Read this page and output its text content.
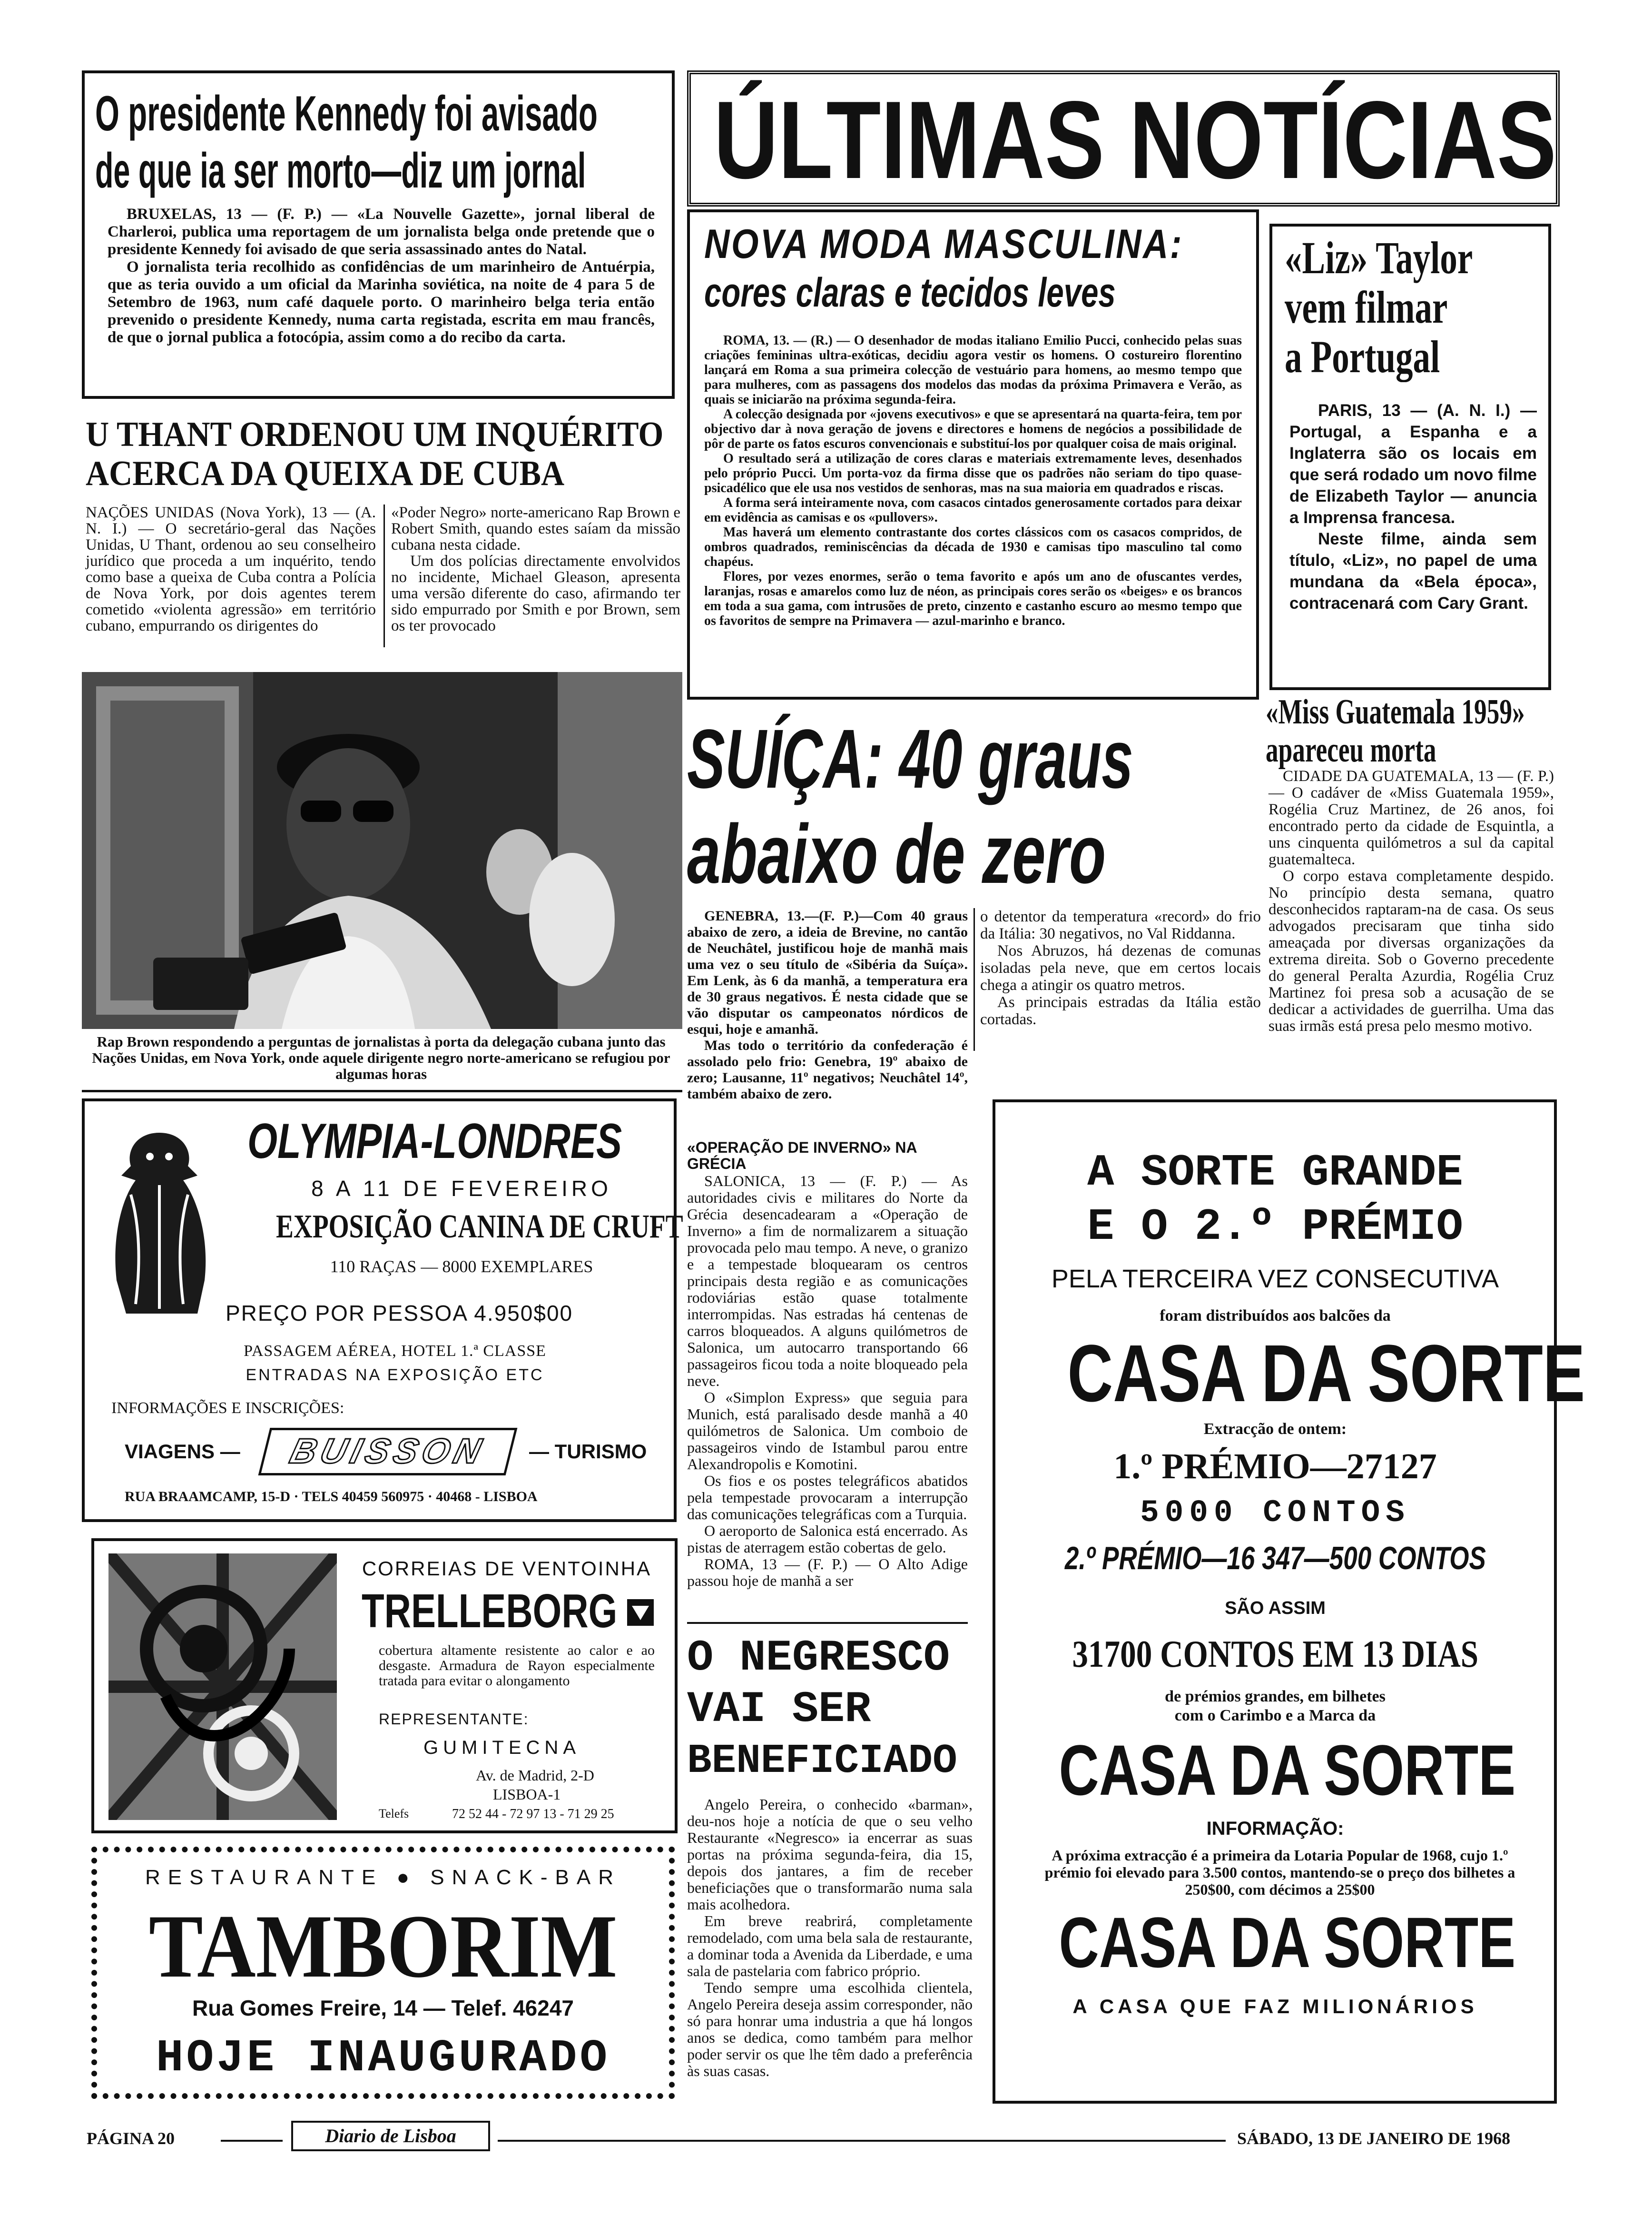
O presidente Kennedy foi avisado
de que ia ser morto—diz um jornal

BRUXELAS, 13 — (F. P.) — «La Nouvelle Gazette», jornal liberal de Charleroi, publica uma reportagem de um jornalista belga onde pretende que o presidente Kennedy foi avisado de que seria assassinado antes do Natal.

O jornalista teria recolhido as confidências de um marinheiro de Antuérpia, que as teria ouvido a um oficial da Marinha soviética, na noite de 4 para 5 de Setembro de 1963, num café daquele porto. O marinheiro belga teria então prevenido o presidente Kennedy, numa carta registada, escrita em mau francês, de que o jornal publica a fotocópia, assim como a do recibo da carta.

U THANT ORDENOU UM INQUÉRITO
ACERCA DA QUEIXA DE CUBA

NAÇÕES UNIDAS (Nova York), 13 — (A. N. I.) — O secretário-geral das Nações Unidas, U Thant, ordenou ao seu conselheiro jurídico que proceda a um inquérito, tendo como base a queixa de Cuba contra a Polícia de Nova York, por dois agentes terem cometido «violenta agressão» em território cubano, empurrando os dirigentes do

«Poder Negro» norte-americano Rap Brown e Robert Smith, quando estes saíam da missão cubana nesta cidade.

Um dos polícias directamente envolvidos no incidente, Michael Gleason, apresenta uma versão diferente do caso, afirmando ter sido empurrado por Smith e por Brown, sem os ter provocado

Rap Brown respondendo a perguntas de jornalistas à porta da delegação cubana junto das Nações Unidas, em Nova York, onde aquele dirigente negro norte-americano se refugiou por algumas horas

OLYMPIA-LONDRES
8 A 11 DE FEVEREIRO
EXPOSIÇÃO CANINA DE CRUFT
110 RAÇAS — 8000 EXEMPLARES
PREÇO POR PESSOA 4.950$00
PASSAGEM AÉREA, HOTEL 1.ª CLASSE
ENTRADAS NA EXPOSIÇÃO ETC
INFORMAÇÕES E INSCRIÇÕES:
VIAGENS —	BUISSON	— TURISMO
RUA BRAAMCAMP, 15-D · TELS 40459 560975 · 40468 - LISBOA
CORREIAS DE VENTOINHA
TRELLEBORG
cobertura altamente resistente ao calor e ao desgaste. Armadura de Rayon especialmente tratada para evitar o alongamento
REPRESENTANTE:
GUMITECNA
Av. de Madrid, 2-D
LISBOA-1
Telefs	72 52 44 - 72 97 13 - 71 29 25
RESTAURANTE ● SNACK-BAR
TAMBORIM
Rua Gomes Freire, 14 — Telef. 46247
HOJE INAUGURADO
ÚLTIMAS NOTÍCIAS
NOVA MODA MASCULINA:
cores claras e tecidos leves

ROMA, 13. — (R.) — O desenhador de modas italiano Emilio Pucci, conhecido pelas suas criações femininas ultra-exóticas, decidiu agora vestir os homens. O costureiro florentino lançará em Roma a sua primeira colecção de vestuário para homens, ao mesmo tempo que para mulheres, com as passagens dos modelos das modas da próxima Primavera e Verão, as quais se iniciarão na próxima segunda-feira.

A colecção designada por «jovens executivos» e que se apresentará na quarta-feira, tem por objectivo dar à nova geração de jovens e directores e homens de negócios a possibilidade de pôr de parte os fatos escuros convencionais e substituí-los por qualquer coisa de mais original.

O resultado será a utilização de cores claras e materiais extremamente leves, desenhados pelo próprio Pucci. Um porta-voz da firma disse que os padrões não seriam do tipo quase-psicadélico que ele usa nos vestidos de senhoras, mas na sua maioria em quadrados e riscas.

A forma será inteiramente nova, com casacos cintados generosamente cortados para deixar em evidência as camisas e os «pullovers».

Mas haverá um elemento contrastante dos cortes clássicos com os casacos compridos, de ombros quadrados, reminiscências da década de 1930 e camisas tipo masculino tal como chapéus.

Flores, por vezes enormes, serão o tema favorito e após um ano de ofuscantes verdes, laranjas, rosas e amarelos como luz de néon, as principais cores serão os «beiges» e os brancos em toda a sua gama, com intrusões de preto, cinzento e castanho escuro ao mesmo tempo que os favoritos de sempre na Primavera — azul-marinho e branco.

«Liz» Taylor
vem filmar
a Portugal

PARIS, 13 — (A. N. I.) — Portugal, a Espanha e a Inglaterra são os locais em que será rodado um novo filme de Elizabeth Taylor — anuncia a Imprensa francesa.

Neste filme, ainda sem título, «Liz», no papel de uma mundana da «Bela época», contracenará com Cary Grant.

SUÍÇA: 40 graus
abaixo de zero

GENEBRA, 13.—(F. P.)—Com 40 graus abaixo de zero, a ideia de Brevine, no cantão de Neuchâtel, justificou hoje de manhã mais uma vez o seu título de «Sibéria da Suíça». Em Lenk, às 6 da manhã, a temperatura era de 30 graus negativos. É nesta cidade que se vão disputar os campeonatos nórdicos de esqui, hoje e amanhã.

Mas todo o território da confederação é assolado pelo frio: Genebra, 19º abaixo de zero; Lausanne, 11º negativos; Neuchâtel 14º, também abaixo de zero.

o detentor da temperatura «record» do frio da Itália: 30 negativos, no Val Riddanna.

Nos Abruzos, há dezenas de comunas isoladas pela neve, que em certos locais chega a atingir os quatro metros.

As principais estradas da Itália estão cortadas.

«OPERAÇÃO DE INVERNO» NA GRÉCIA

SALONICA, 13 — (F. P.) — As autoridades civis e militares do Norte da Grécia desencadearam a «Operação de Inverno» a fim de normalizarem a situação provocada pelo mau tempo. A neve, o granizo e a tempestade bloquearam os centros principais desta região e as comunicações rodoviárias estão quase totalmente interrompidas. Nas estradas há centenas de carros bloqueados. A alguns quilómetros de Salonica, um autocarro transportando 66 passageiros ficou toda a noite bloqueado pela neve.

O «Simplon Express» que seguia para Munich, está paralisado desde manhã a 40 quilómetros de Salonica. Um comboio de passageiros vindo de Istambul parou entre Alexandropolis e Komotini.

Os fios e os postes telegráficos abatidos pela tempestade provocaram a interrupção das comunicações telegráficas com a Turquia.

O aeroporto de Salonica está encerrado. As pistas de aterragem estão cobertas de gelo.

ROMA, 13 — (F. P.) — O Alto Adige passou hoje de manhã a ser

«Miss Guatemala 1959»
apareceu morta

CIDADE DA GUATEMALA, 13 — (F. P.) — O cadáver de «Miss Guatemala 1959», Rogélia Cruz Martinez, de 26 anos, foi encontrado perto da cidade de Esquintla, a uns cinquenta quilómetros a sul da capital guatemalteca.

O corpo estava completamente despido. No princípio desta semana, quatro desconhecidos raptaram-na de casa. Os seus advogados precisaram que tinha sido ameaçada por diversas organizações da extrema direita. Sob o Governo precedente do general Peralta Azurdia, Rogélia Cruz Martinez foi presa sob a acusação de se dedicar a actividades de guerrilha. Uma das suas irmãs está presa pelo mesmo motivo.

O NEGRESCO
VAI SER
BENEFICIADO

Angelo Pereira, o conhecido «barman», deu-nos hoje a notícia de que o seu velho Restaurante «Negresco» ia encerrar as suas portas na próxima segunda-feira, dia 15, depois dos jantares, a fim de receber beneficiações que o transformarão numa sala mais acolhedora.

Em breve reabrirá, completamente remodelado, com uma bela sala de restaurante, a dominar toda a Avenida da Liberdade, e uma sala de pastelaria com fabrico próprio.

Tendo sempre uma escolhida clientela, Angelo Pereira deseja assim corresponder, não só para honrar uma industria a que há longos anos se dedica, como também para melhor poder servir os que lhe têm dado a preferência às suas casas.

A SORTE GRANDE
E O 2.º PRÉMIO
PELA TERCEIRA VEZ CONSECUTIVA
foram distribuídos aos balcões da
CASA DA SORTE
Extracção de ontem:
1.º PRÉMIO—27127
5000 CONTOS
2.º PRÉMIO—16 347—500 CONTOS
SÃO ASSIM
31700 CONTOS EM 13 DIAS
de prémios grandes, em bilhetes
com o Carimbo e a Marca da
CASA DA SORTE
INFORMAÇÃO:
A próxima extracção é a primeira da Lotaria Popular de 1968, cujo 1.º prémio foi elevado para 3.500 contos, mantendo-se o preço dos bilhetes a 250$00, com décimos a 25$00
CASA DA SORTE
A CASA QUE FAZ MILIONÁRIOS
PÁGINA 20	Diario de Lisboa	SÁBADO, 13 DE JANEIRO DE 1968
